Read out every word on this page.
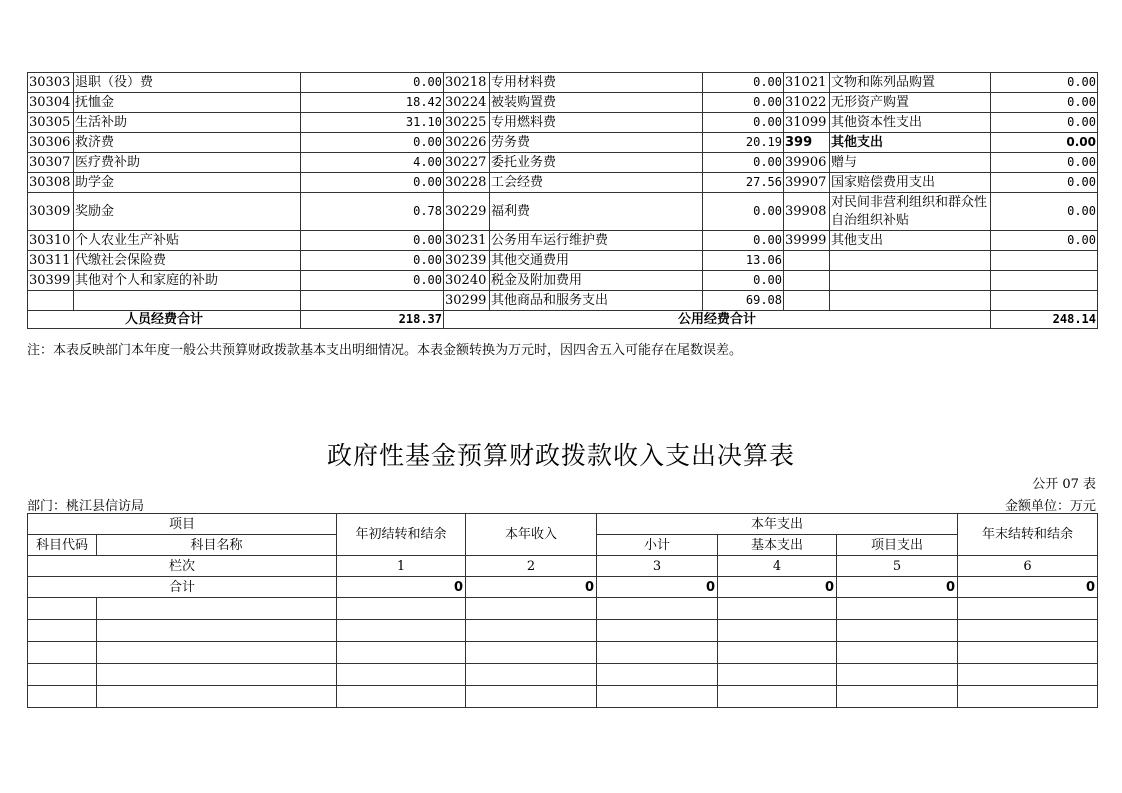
30303	退职（役）费	0.00	30218	专用材料费	0.00	31021	文物和陈列品购置	0.00
30304	抚恤金	18.42	30224	被装购置费	0.00	31022	无形资产购置	0.00
30305	生活补助	31.10	30225	专用燃料费	0.00	31099	其他资本性支出	0.00
30306	救济费	0.00	30226	劳务费	20.19	399	其他支出	0.00
30307	医疗费补助	4.00	30227	委托业务费	0.00	39906	赠与	0.00
30308	助学金	0.00	30228	工会经费	27.56	39907	国家赔偿费用支出	0.00
30309	奖励金	0.78	30229	福利费	0.00	39908	对民间非营利组织和群众性自治组织补贴	0.00
30310	个人农业生产补贴	0.00	30231	公务用车运行维护费	0.00	39999	其他支出	0.00
30311	代缴社会保险费	0.00	30239	其他交通费用	13.06			
30399	其他对个人和家庭的补助	0.00	30240	税金及附加费用	0.00			
			30299	其他商品和服务支出	69.08			
人员经费合计		218.37	公用经费合计					248.14
注：本表反映部门本年度一般公共预算财政拨款基本支出明细情况。本表金额转换为万元时，因四舍五入可能存在尾数误差。
政府性基金预算财政拨款收入支出决算表
公开 07 表
部门：桃江县信访局	金额单位：万元
项目		年初结转和结余	本年收入	本年支出			年末结转和结余
科目代码	科目名称			小计	基本支出	项目支出	
栏次		1	2	3	4	5	6
合计		0	0	0	0	0	0
